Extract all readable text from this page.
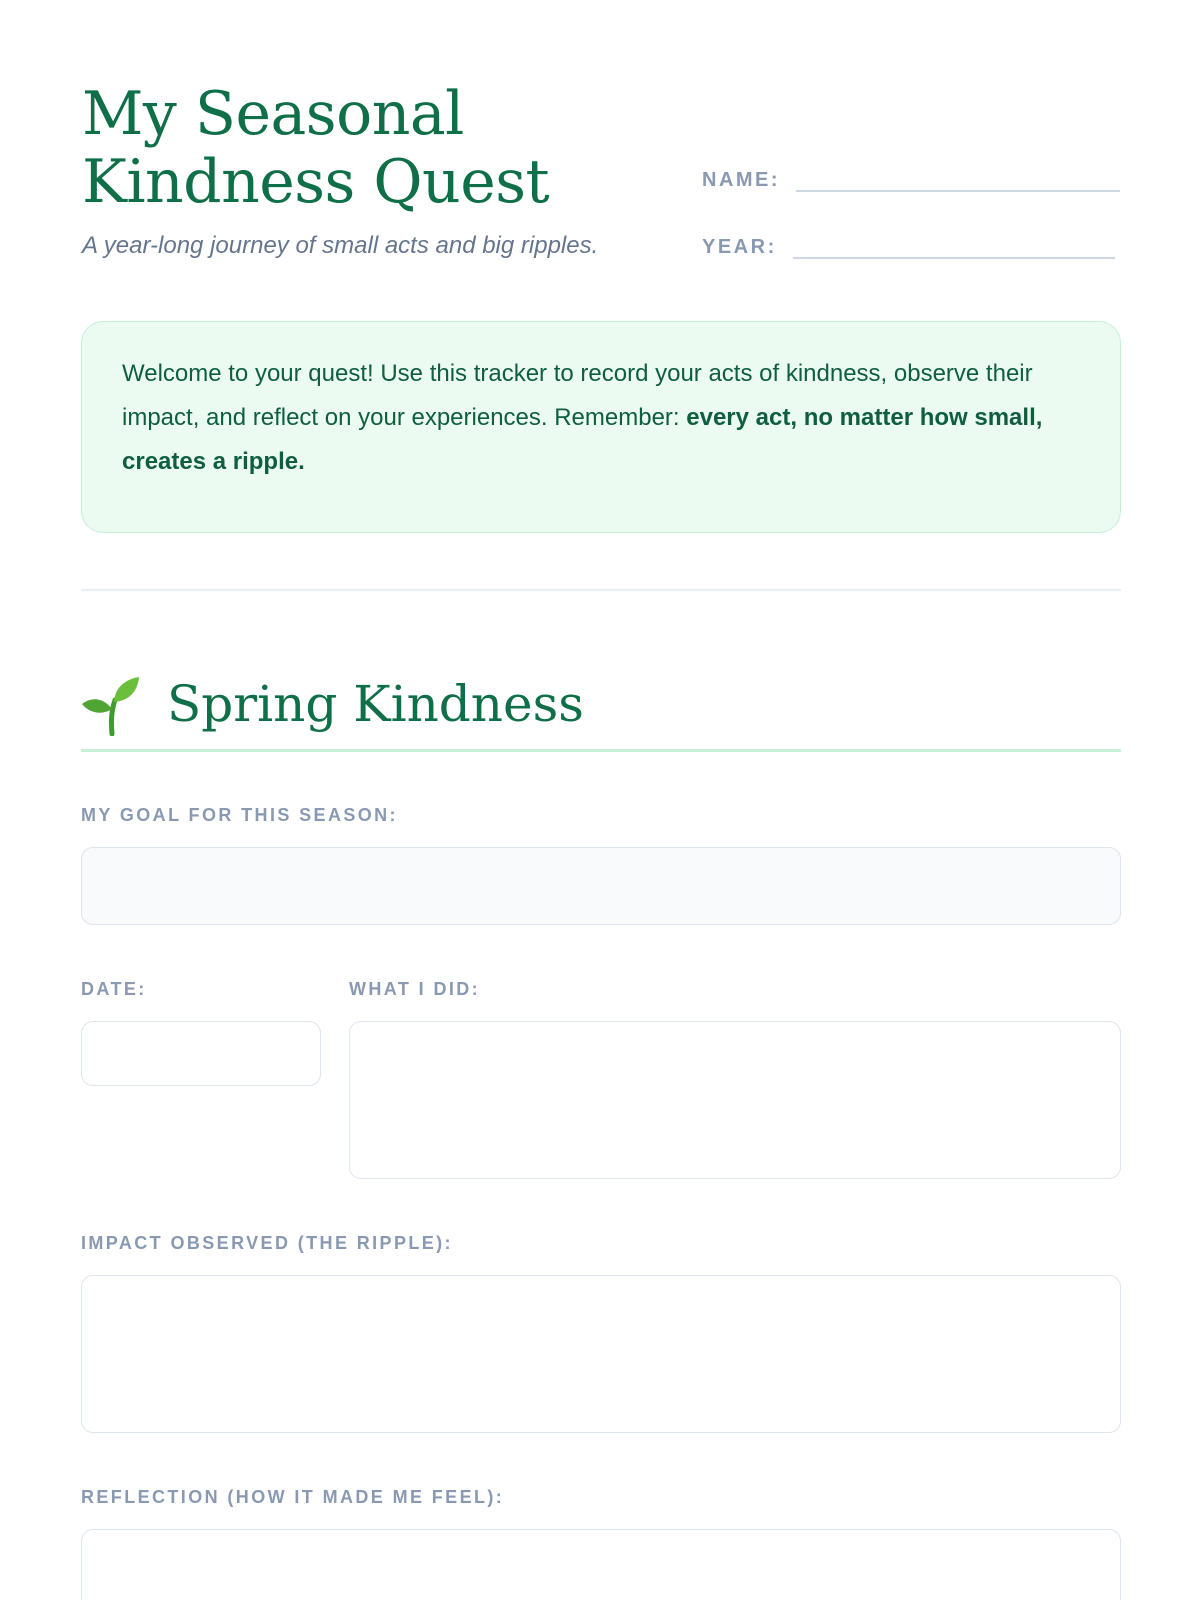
My Seasonal Kindness Quest
A year-long journey of small acts and big ripples.
NAME:
YEAR:
Welcome to your quest! Use this tracker to record your acts of kindness, observe their impact, and reflect on your experiences. Remember: every act, no matter how small, creates a ripple.
Spring Kindness
MY GOAL FOR THIS SEASON:
DATE:	WHAT I DID:
IMPACT OBSERVED (THE RIPPLE):
REFLECTION (HOW IT MADE ME FEEL):
